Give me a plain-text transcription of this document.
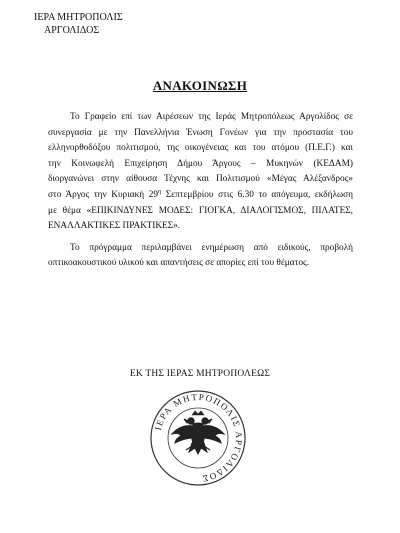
ΙΕΡΑ ΜΗΤΡΟΠΟΛΙΣ
ΑΡΓΟΛΙΔΟΣ
ΑΝΑΚΟΙΝΩΣΗ
Το Γραφείο επί των Αιρέσεων της Ιεράς Μητροπόλεως Αργολίδος σε
συνεργασία με την Πανελλήνια Ένωση Γονέων για την προστασία του
ελληνορθοδόξου πολιτισμού, της οικογένειας και του ατόμου (Π.Ε.Γ.) και
την Κοινωφελή Επιχείρηση Δήμου Άργους – Μυκηνών (ΚΕΔΑΜ)
διοργανώνει στην αίθουσα Τέχνης και Πολιτισμού «Μέγας Αλέξανδρος»
στο Άργος την Κυριακή $29^\eta$ Σεπτεμβρίου στις 6.30 το απόγευμα, εκδήλωση
με θέμα «ΕΠΙΚΙΝΔΥΝΕΣ ΜΟΔΕΣ: ΓΙΟΓΚΑ, ΔΙΑΛΟΓΙΣΜΟΣ, ΠΙΛΑΤΕΣ,
ΕΝΑΛΛΑΚΤΙΚΕΣ ΠΡΑΚΤΙΚΕΣ».
Το πρόγραμμα περιλαμβάνει ενημέρωση από ειδικούς, προβολή
οπτικοακουστικού υλικού και απαντήσεις σε απορίες επί του θέματος.
ΕΚ ΤΗΣ ΙΕΡΑΣ ΜΗΤΡΟΠΟΛΕΩΣ
ΙΕΡΑ ΜΗΤΡΟΠΟΛΙΣ ΑΡΓΟΛΙΔΟΣ
